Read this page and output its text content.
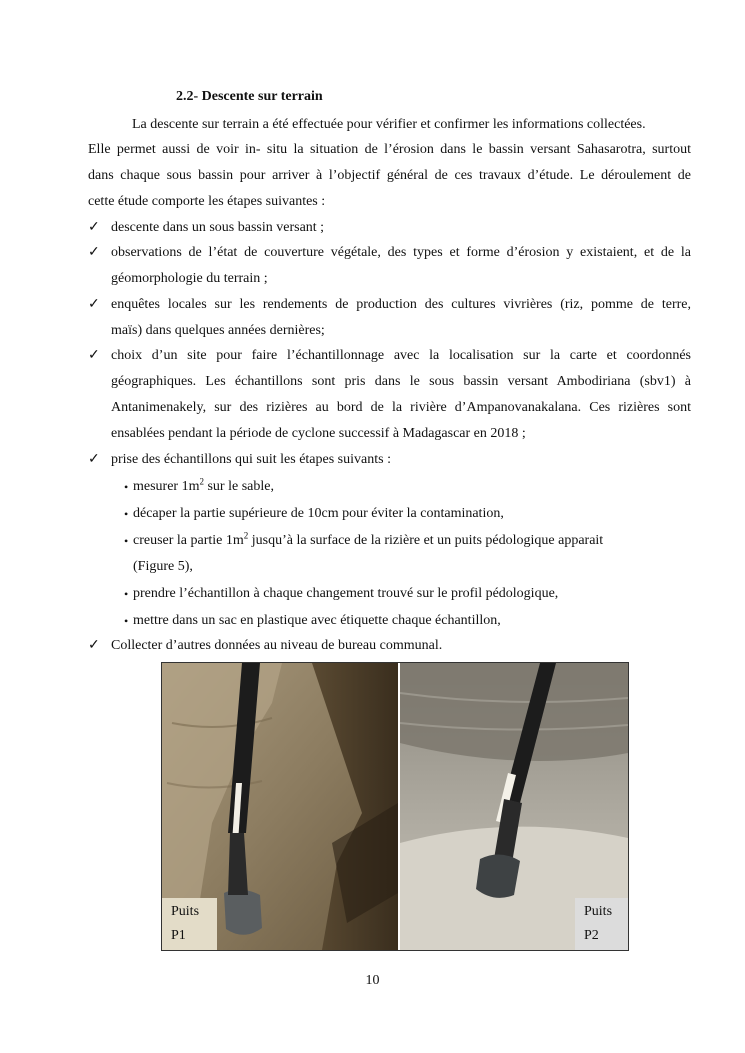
2.2- Descente sur terrain
La descente sur terrain a été effectuée pour vérifier et confirmer les informations collectées.
Elle permet aussi de voir in- situ la situation de l’érosion dans le bassin versant Sahasarotra, surtout
dans chaque sous bassin pour arriver à l’objectif général de ces travaux d’étude. Le déroulement de
cette étude comporte les étapes suivantes :
✓ descente dans un sous bassin versant ;
✓ observations de l’état de couverture végétale, des types et forme d’érosion y existaient, et de la
géomorphologie du terrain ;
✓ enquêtes locales sur les rendements de production des cultures vivrières (riz, pomme de terre,
maïs) dans quelques années dernières;
✓ choix d’un site pour faire l’échantillonnage avec la localisation sur la carte et coordonnés
géographiques. Les échantillons sont pris dans le sous bassin versant Ambodiriana (sbv1) à
Antanimenakely, sur des rizières au bord de la rivière d’Ampanovanakalana. Ces rizières sont
ensablées pendant la période de cyclone successif à Madagascar en 2018 ;
✓ prise des échantillons qui suit les étapes suivants :
• mesurer $1m^2$ sur le sable,
• décaper la partie supérieure de 10cm pour éviter la contamination,
• creuser la partie $1m^2$ jusqu’à la surface de la rizière et un puits pédologique apparait
(Figure 5),
• prendre l’échantillon à chaque changement trouvé sur le profil pédologique,
• mettre dans un sac en plastique avec étiquette chaque échantillon,
✓ Collecter d’autres données au niveau de bureau communal.
Puits
P1
Puits
P2
10
